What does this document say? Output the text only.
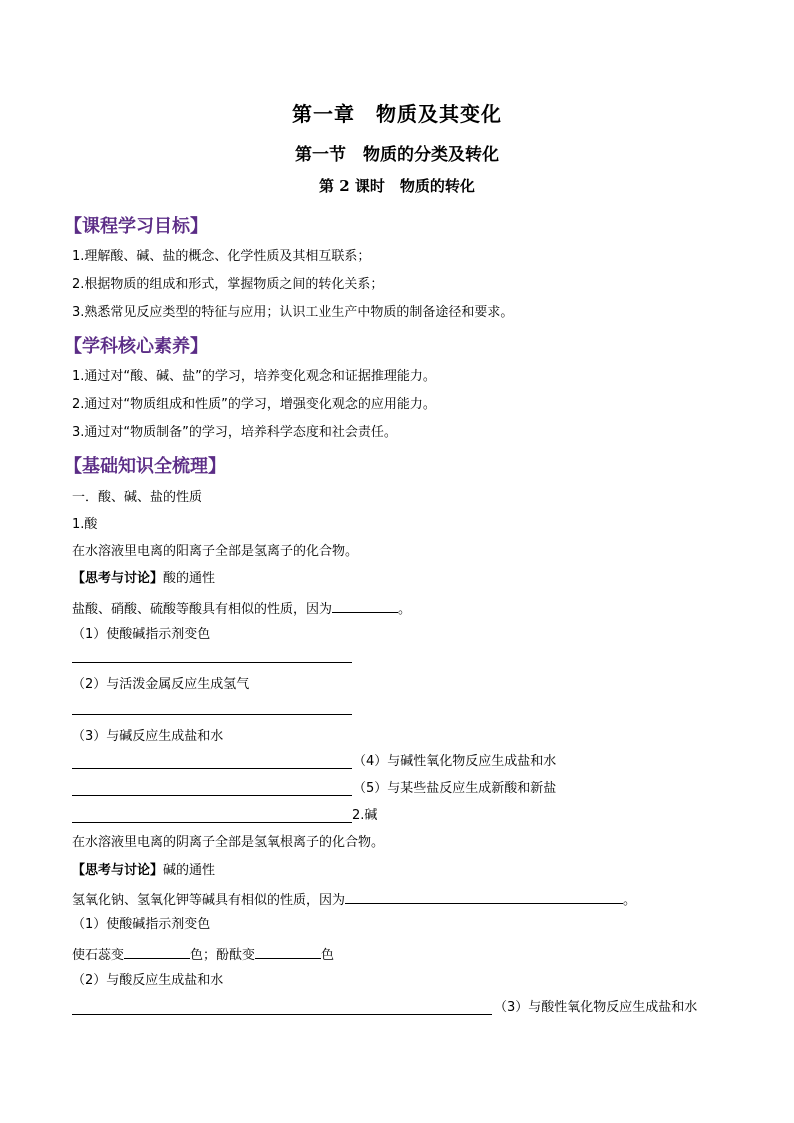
第一章　物质及其变化
第一节　物质的分类及转化
第 2 课时　物质的转化
【课程学习目标】
1.理解酸、碱、盐的概念、化学性质及其相互联系；
2.根据物质的组成和形式，掌握物质之间的转化关系；
3.熟悉常见反应类型的特征与应用；认识工业生产中物质的制备途径和要求。
【学科核心素养】
1.通过对“酸、碱、盐”的学习，培养变化观念和证据推理能力。
2.通过对“物质组成和性质”的学习，增强变化观念的应用能力。
3.通过对“物质制备”的学习，培养科学态度和社会责任。
【基础知识全梳理】
一．酸、碱、盐的性质
1.酸
在水溶液里电离的阳离子全部是氢离子的化合物。
【思考与讨论】酸的通性
盐酸、硝酸、硫酸等酸具有相似的性质，因为	。
（1）使酸碱指示剂变色
（2）与活泼金属反应生成氢气
（3）与碱反应生成盐和水
（4）与碱性氧化物反应生成盐和水
（5）与某些盐反应生成新酸和新盐
2.碱
在水溶液里电离的阴离子全部是氢氧根离子的化合物。
【思考与讨论】碱的通性
氢氧化钠、氢氧化钾等碱具有相似的性质，因为	。
（1）使酸碱指示剂变色
使石蕊变	色；酚酞变	色
（2）与酸反应生成盐和水
（3）与酸性氧化物反应生成盐和水
